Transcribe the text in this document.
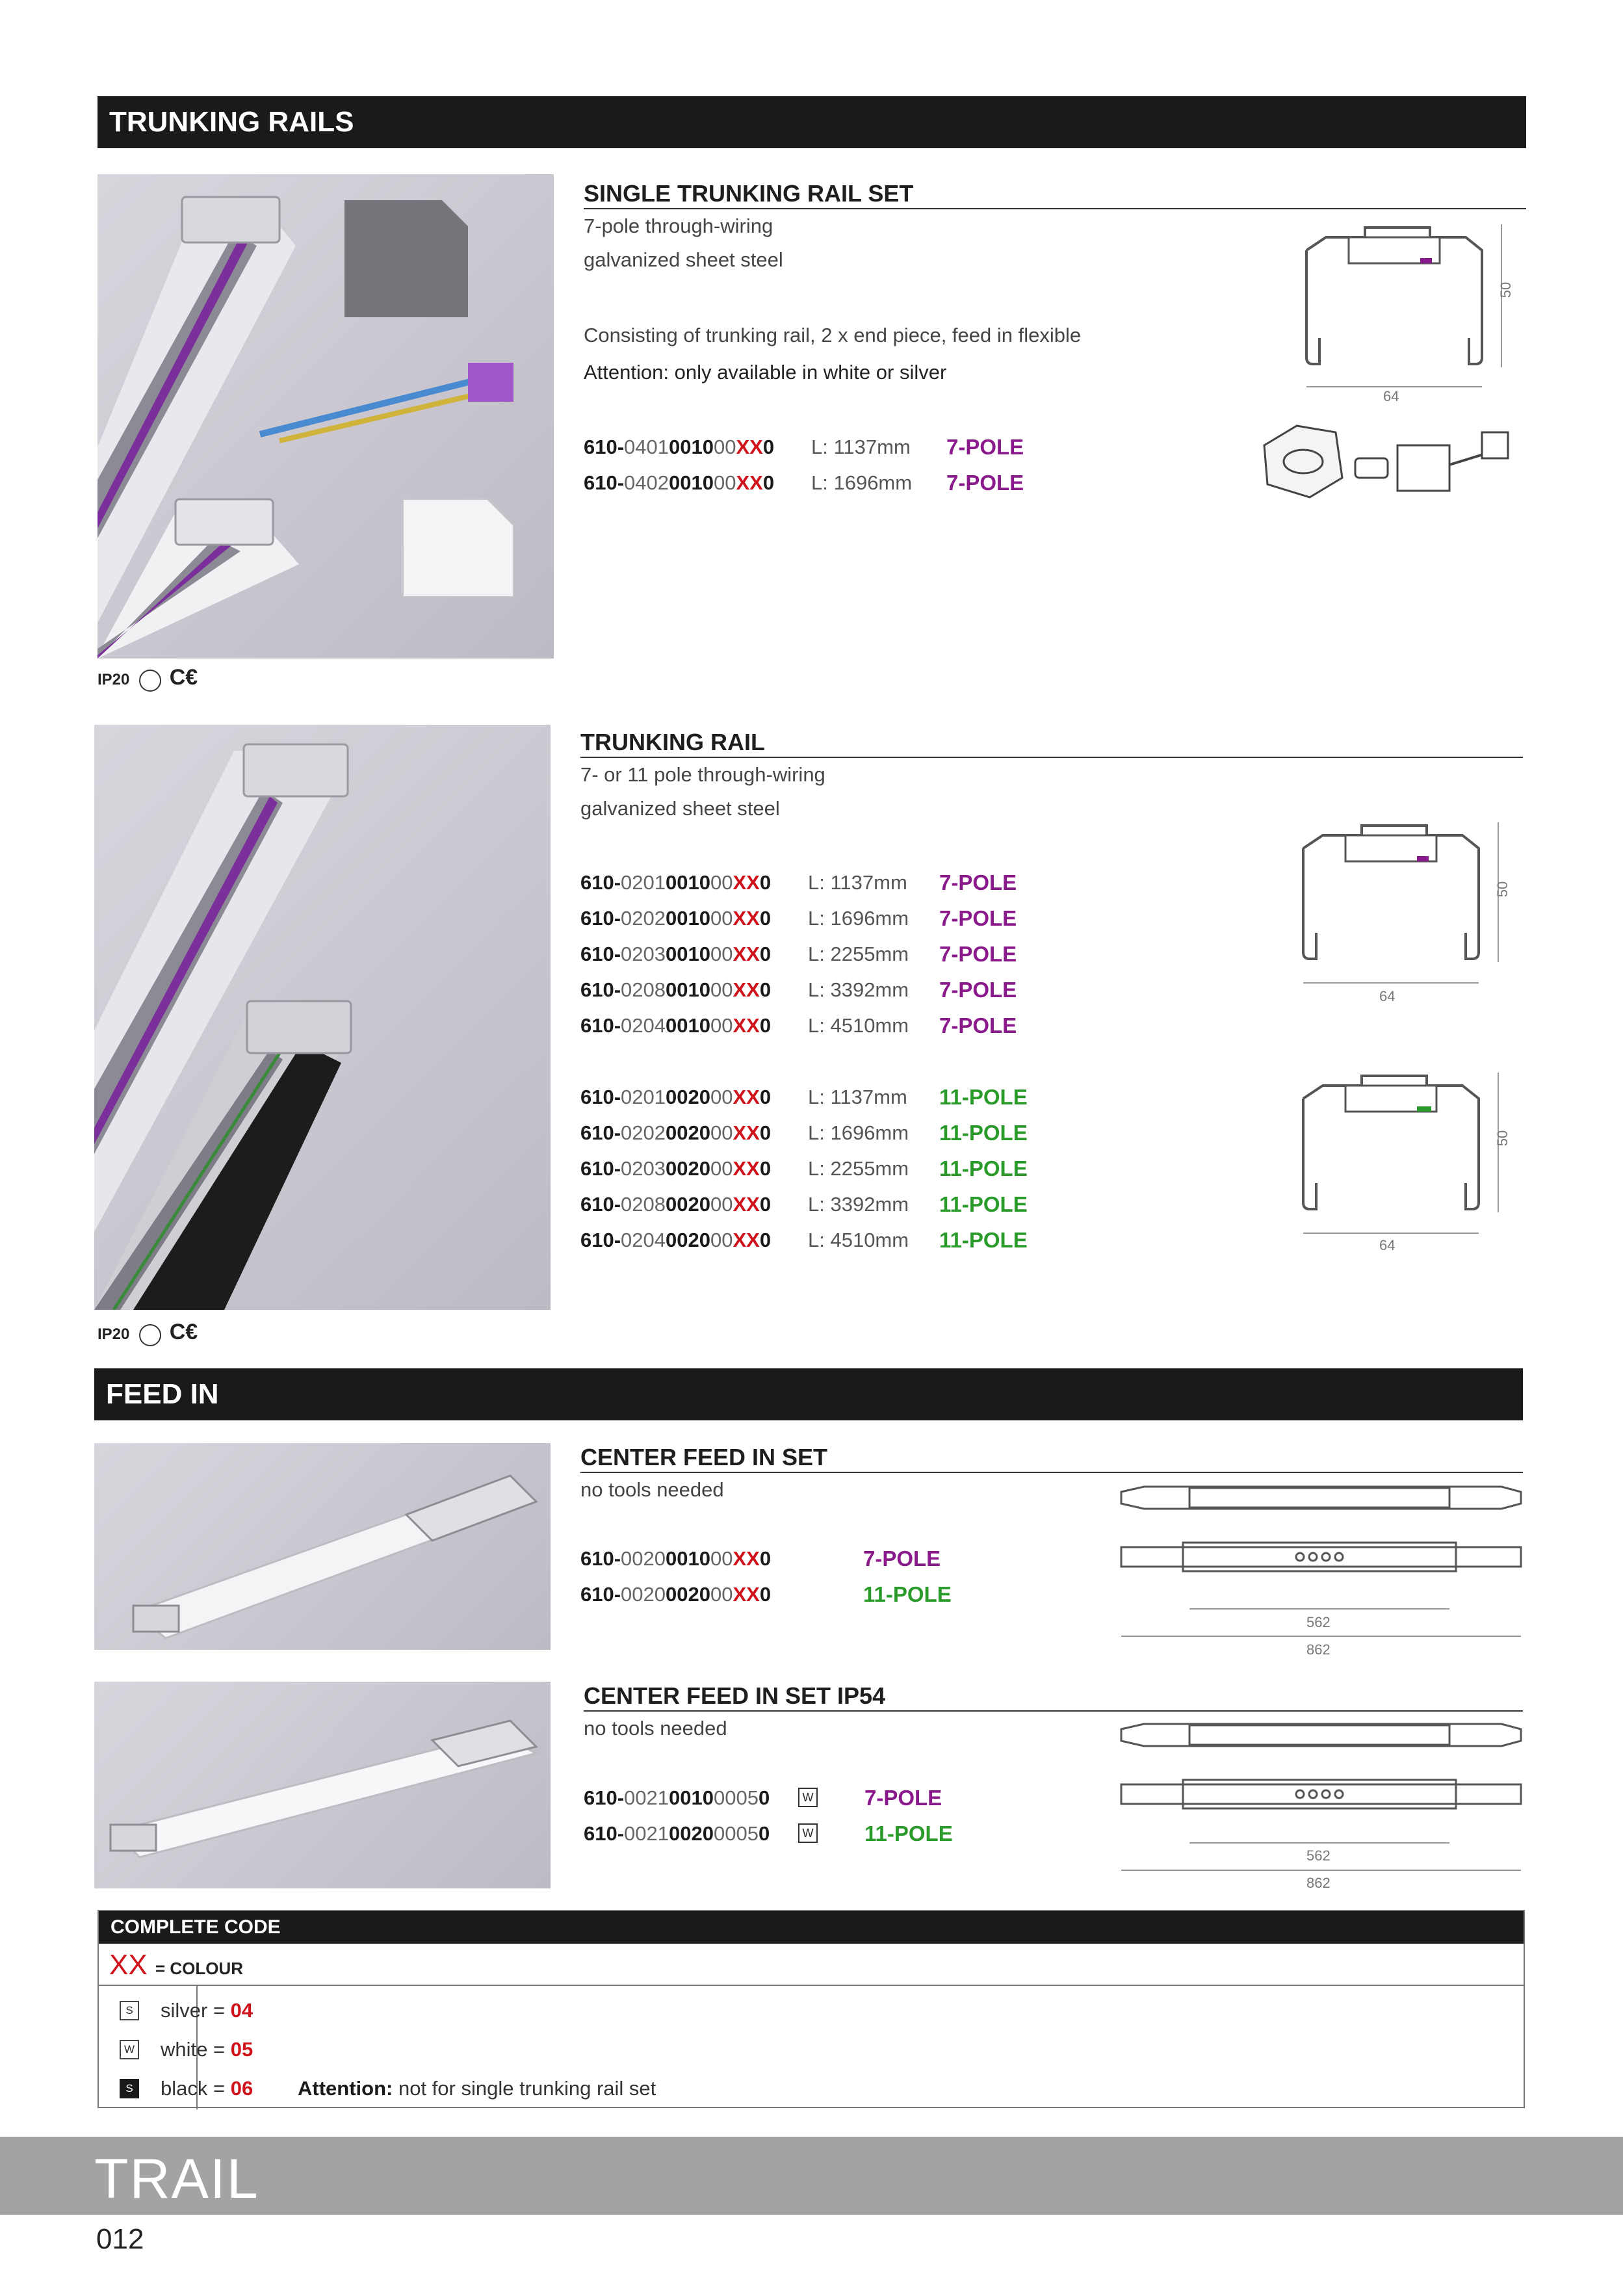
TRUNKING RAILS
IP20 C€
SINGLE TRUNKING RAIL SET
7-pole through-wiring
galvanized sheet steel
Consisting of trunking rail, 2 x end piece, feed in flexible
Attention: only available in white or silver
610-0401001000XX0 L: 1137mm 7-POLE
610-0402001000XX0 L: 1696mm 7-POLE
50
64
IP20 C€
TRUNKING RAIL
7- or 11 pole through-wiring
galvanized sheet steel
610-0201001000XX0 L: 1137mm 7-POLE
610-0202001000XX0 L: 1696mm 7-POLE
610-0203001000XX0 L: 2255mm 7-POLE
610-0208001000XX0 L: 3392mm 7-POLE
610-0204001000XX0 L: 4510mm 7-POLE
610-0201002000XX0 L: 1137mm 11-POLE
610-0202002000XX0 L: 1696mm 11-POLE
610-0203002000XX0 L: 2255mm 11-POLE
610-0208002000XX0 L: 3392mm 11-POLE
610-0204002000XX0 L: 4510mm 11-POLE
50
64
50
64
FEED IN
CENTER FEED IN SET
no tools needed
610-0020001000XX0	7-POLE
610-0020002000XX0	11-POLE
562
862
CENTER FEED IN SET IP54
no tools needed
610-0021001000050	W 7-POLE
610-0021002000050	W 11-POLE
562
862
COMPLETE CODE
XX = COLOUR
S	silver = 04
W white = 05
S	black = 06 Attention: not for single trunking rail set
TRAIL
012
